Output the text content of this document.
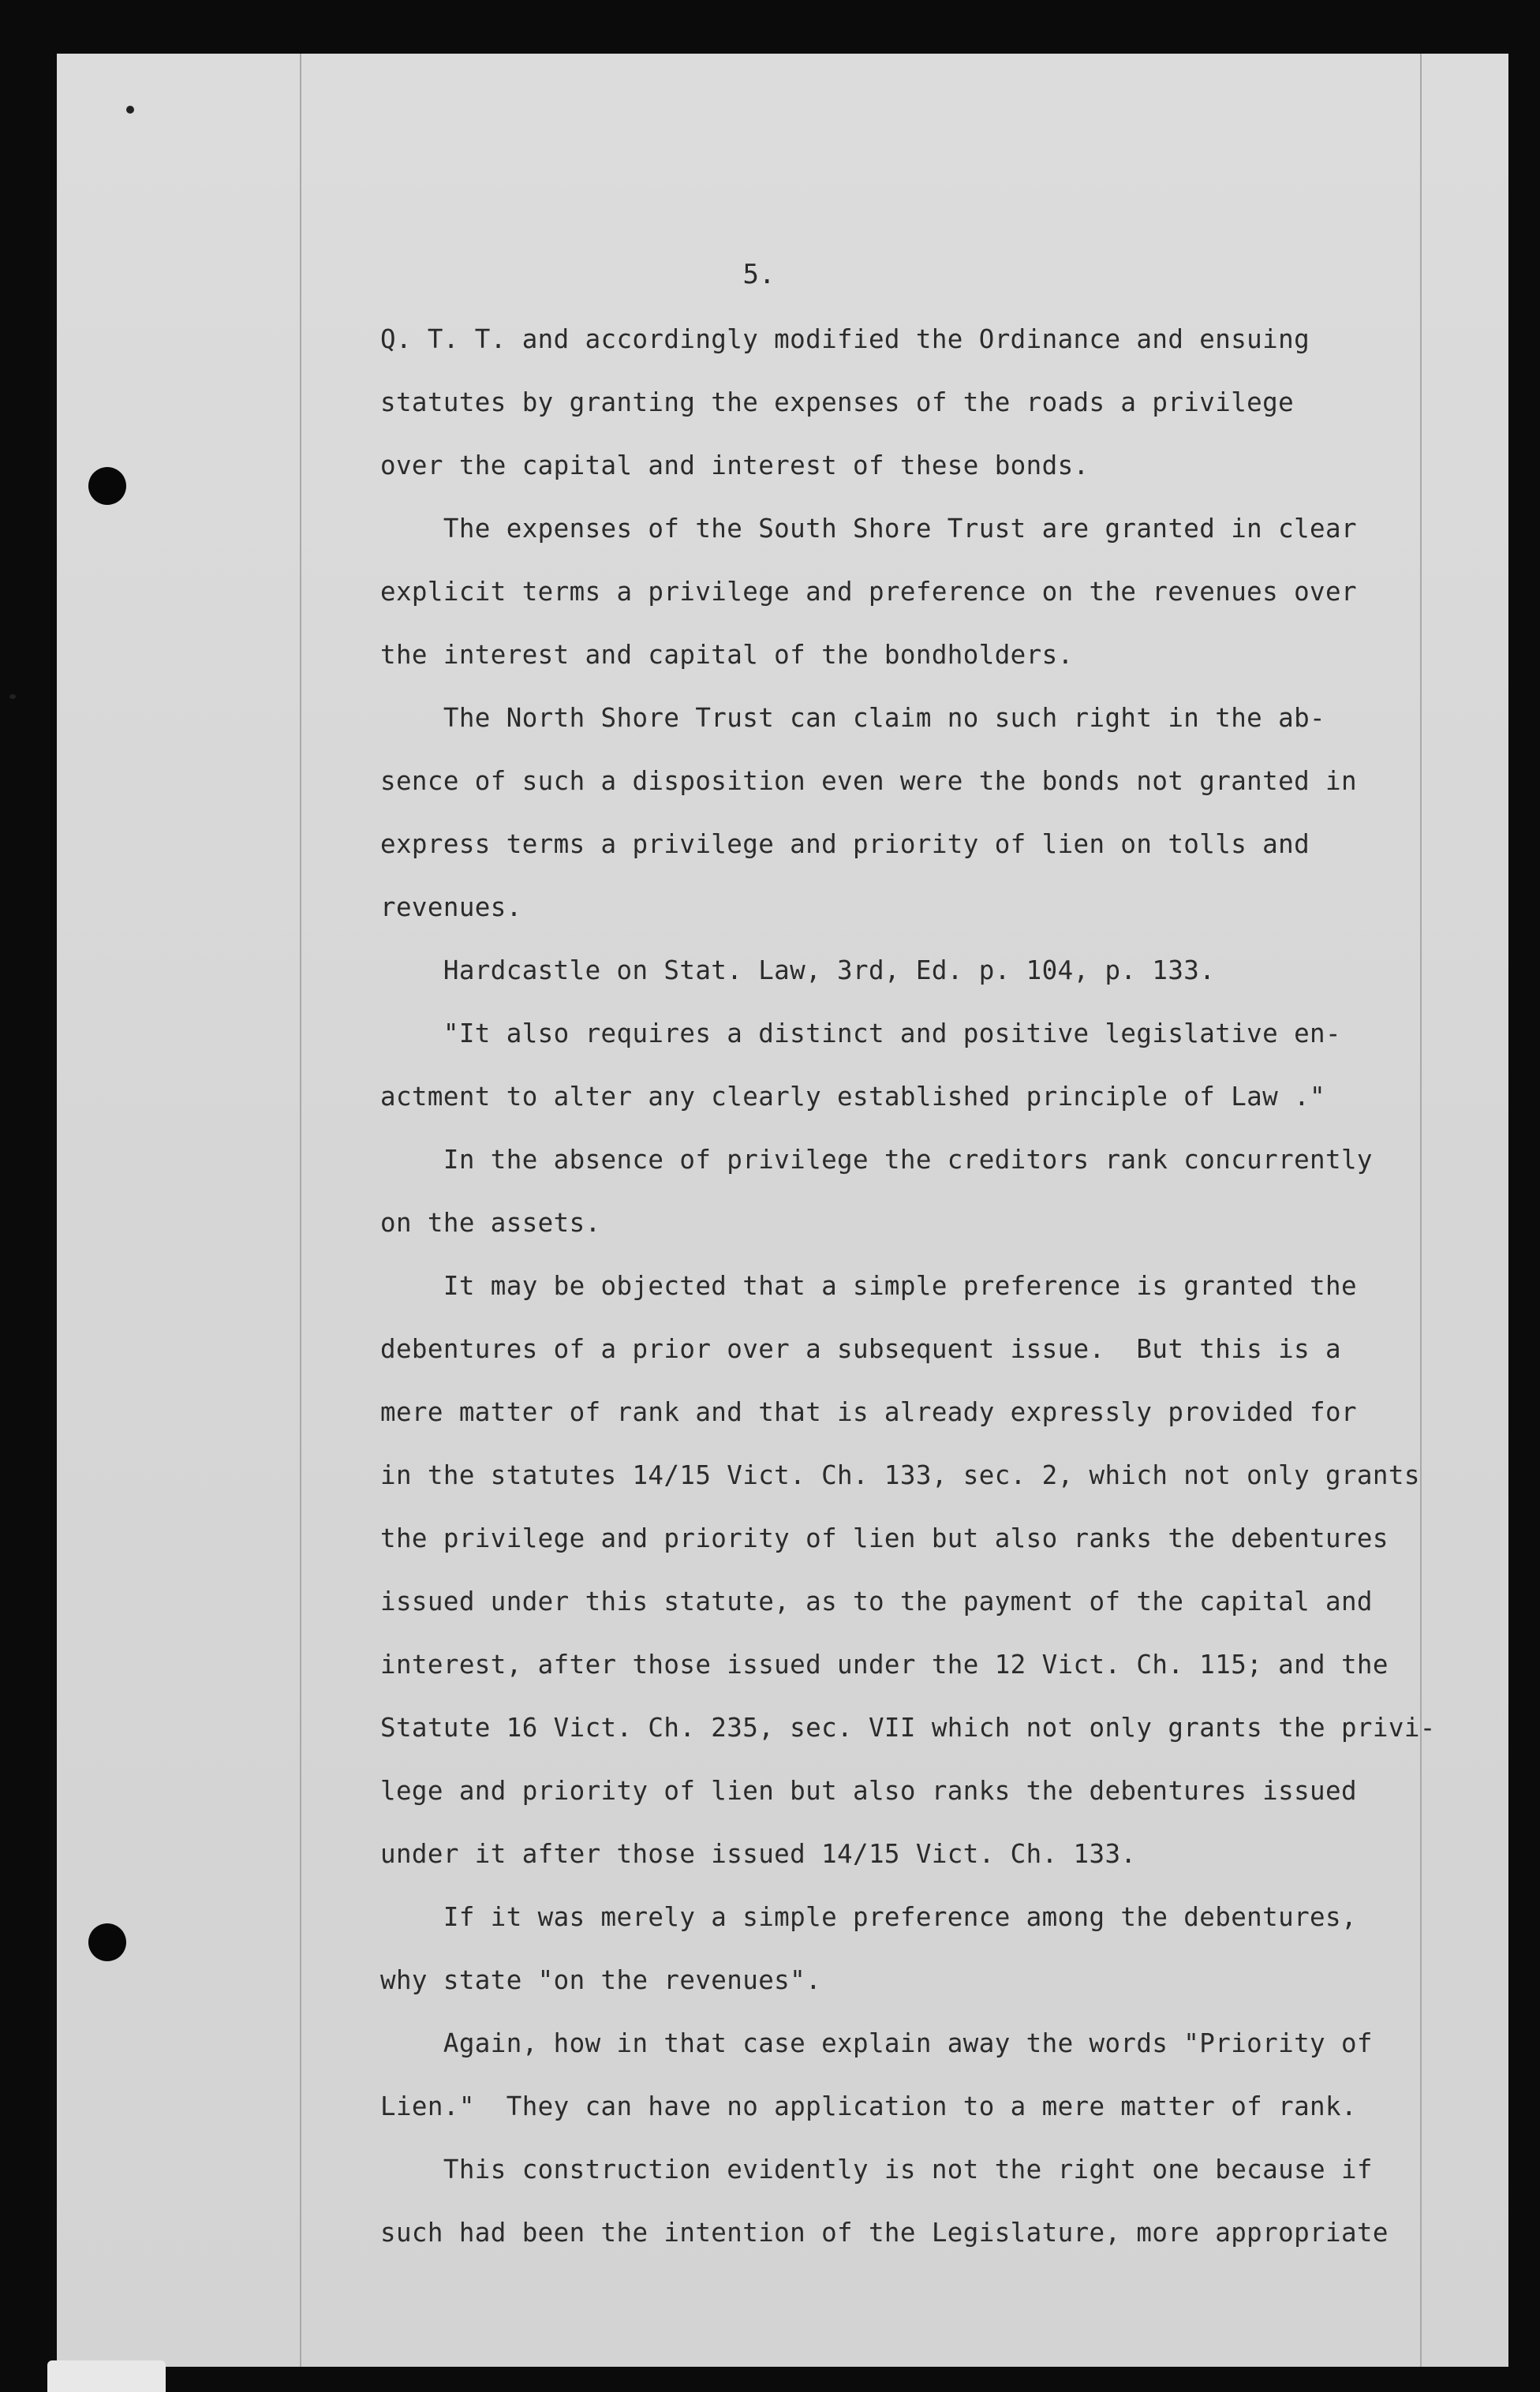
5.
Q. T. T. and accordingly modified the Ordinance and ensuing
statutes by granting the expenses of the roads a privilege
over the capital and interest of these bonds.
The expenses of the South Shore Trust are granted in clear
explicit terms a privilege and preference on the revenues over
the interest and capital of the bondholders.
The North Shore Trust can claim no such right in the ab-
sence of such a disposition even were the bonds not granted in
express terms a privilege and priority of lien on tolls and
revenues.
Hardcastle on Stat. Law, 3rd, Ed. p. 104, p. 133.
"It also requires a distinct and positive legislative en-
actment to alter any clearly established principle of Law ."
In the absence of privilege the creditors rank concurrently
on the assets.
It may be objected that a simple preference is granted the
debentures of a prior over a subsequent issue.  But this is a
mere matter of rank and that is already expressly provided for
in the statutes 14/15 Vict. Ch. 133, sec. 2, which not only grants
the privilege and priority of lien but also ranks the debentures
issued under this statute, as to the payment of the capital and
interest, after those issued under the 12 Vict. Ch. 115; and the
Statute 16 Vict. Ch. 235, sec. VII which not only grants the privi-
lege and priority of lien but also ranks the debentures issued
under it after those issued 14/15 Vict. Ch. 133.
If it was merely a simple preference among the debentures,
why state "on the revenues".
Again, how in that case explain away the words "Priority of
Lien."  They can have no application to a mere matter of rank.
This construction evidently is not the right one because if
such had been the intention of the Legislature, more appropriate
